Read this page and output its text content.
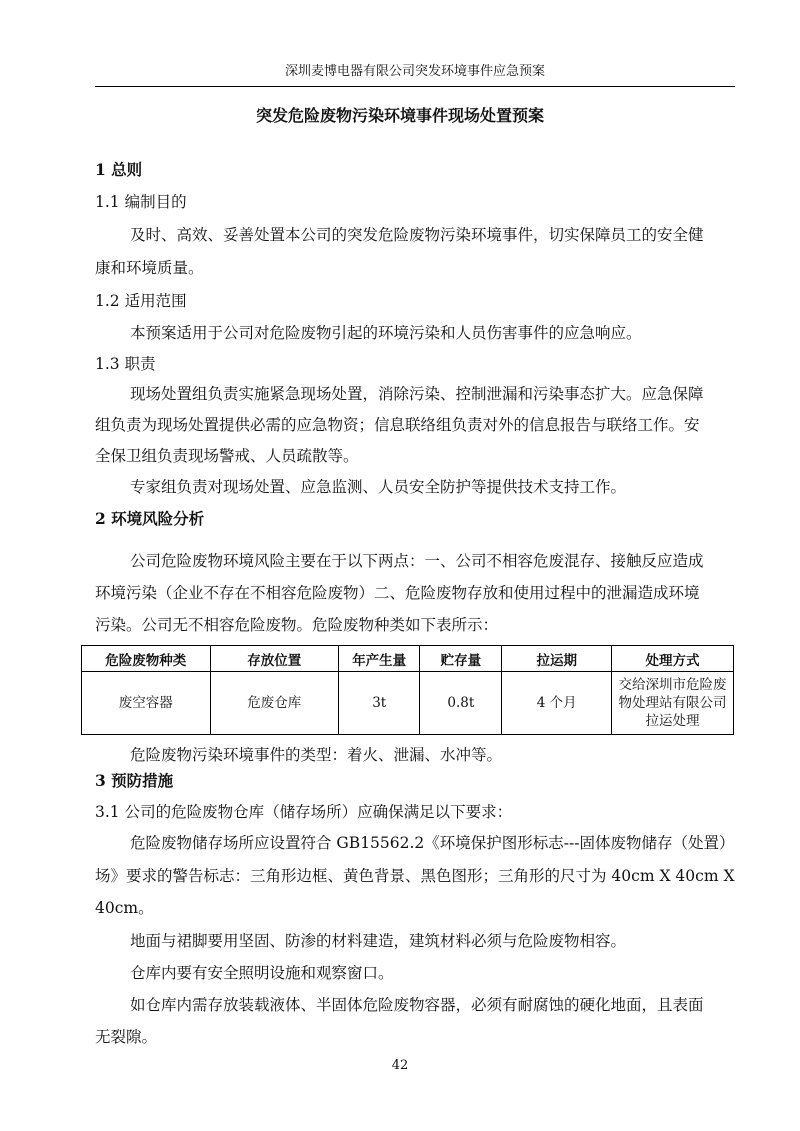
深圳麦博电器有限公司突发环境事件应急预案
突发危险废物污染环境事件现场处置预案

1 总则

1.1 编制目的

及时、高效、妥善处置本公司的突发危险废物污染环境事件，切实保障员工的安全健

康和环境质量。

1.2 适用范围

本预案适用于公司对危险废物引起的环境污染和人员伤害事件的应急响应。

1.3 职责

现场处置组负责实施紧急现场处置，消除污染、控制泄漏和污染事态扩大。应急保障

组负责为现场处置提供必需的应急物资；信息联络组负责对外的信息报告与联络工作。安

全保卫组负责现场警戒、人员疏散等。

专家组负责对现场处置、应急监测、人员安全防护等提供技术支持工作。

2 环境风险分析

公司危险废物环境风险主要在于以下两点：一、公司不相容危废混存、接触反应造成

环境污染（企业不存在不相容危险废物）二、危险废物存放和使用过程中的泄漏造成环境

污染。公司无不相容危险废物。危险废物种类如下表所示：

危险废物种类	存放位置	年产生量	贮存量	拉运期	处理方式
废空容器	危废仓库	3t	0.8t	4 个月	交给深圳市危险废
物处理站有限公司
拉运处理

危险废物污染环境事件的类型：着火、泄漏、水冲等。

3 预防措施

3.1 公司的危险废物仓库（储存场所）应确保满足以下要求：

危险废物储存场所应设置符合 GB15562.2《环境保护图形标志---固体废物储存（处置）

场》要求的警告标志：三角形边框、黄色背景、黑色图形；三角形的尺寸为 40cm X 40cm X

40cm。

地面与裙脚要用坚固、防渗的材料建造，建筑材料必须与危险废物相容。

仓库内要有安全照明设施和观察窗口。

如仓库内需存放装载液体、半固体危险废物容器，必须有耐腐蚀的硬化地面，且表面

无裂隙。

42
